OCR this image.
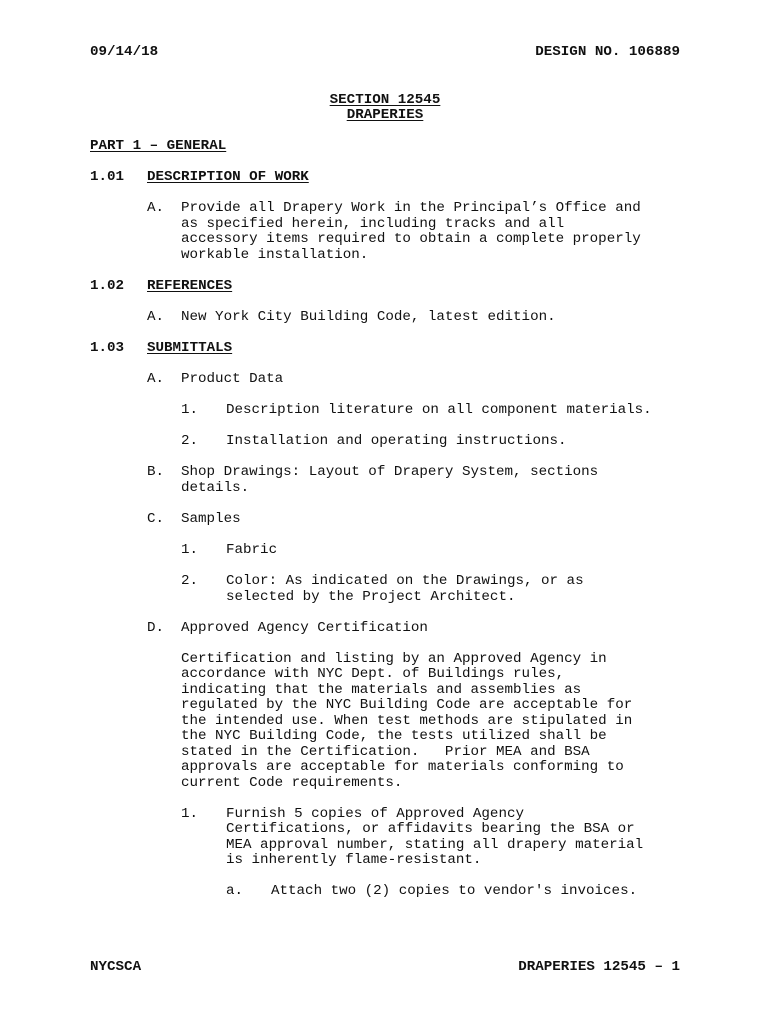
09/14/18	DESIGN NO. 106889
SECTION 12545
DRAPERIES
PART 1 – GENERAL
1.01 DESCRIPTION OF WORK
A. Provide all Drapery Work in the Principal’s Office and
as specified herein, including tracks and all
accessory items required to obtain a complete properly
workable installation.
1.02 REFERENCES
A. New York City Building Code, latest edition.
1.03 SUBMITTALS
A. Product Data
1. Description literature on all component materials.
2. Installation and operating instructions.
B. Shop Drawings: Layout of Drapery System, sections
details.
C. Samples
1. Fabric
2. Color: As indicated on the Drawings, or as
selected by the Project Architect.
D. Approved Agency Certification
Certification and listing by an Approved Agency in
accordance with NYC Dept. of Buildings rules,
indicating that the materials and assemblies as
regulated by the NYC Building Code are acceptable for
the intended use. When test methods are stipulated in
the NYC Building Code, the tests utilized shall be
stated in the Certification.   Prior MEA and BSA
approvals are acceptable for materials conforming to
current Code requirements.
1. Furnish 5 copies of Approved Agency
Certifications, or affidavits bearing the BSA or
MEA approval number, stating all drapery material
is inherently flame-resistant.
a. Attach two (2) copies to vendor's invoices.
NYCSCA	DRAPERIES 12545 – 1
